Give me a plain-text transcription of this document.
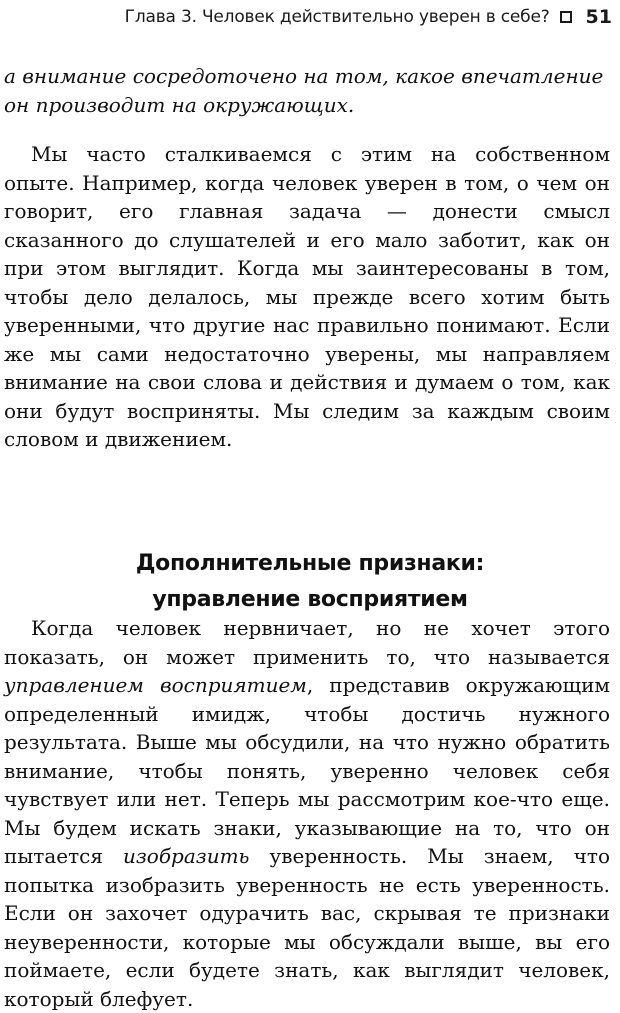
Глава 3. Человек действительно уверен в себе? 51

а внимание сосредоточено на том, какое впечатление он производит на окружающих.

Мы часто сталкиваемся с этим на собственном опыте. Например, когда человек уверен в том, о чем он говорит, его главная задача — донести смысл сказанного до слушателей и его мало заботит, как он при этом выглядит. Когда мы заинтересованы в том, чтобы дело делалось, мы прежде всего хотим быть уверенными, что другие нас правильно понимают. Если же мы сами недостаточно уверены, мы направляем внимание на свои слова и действия и думаем о том, как они будут восприняты. Мы следим за каждым своим словом и движением.

Дополнительные признаки:
управление восприятием

Когда человек нервничает, но не хочет этого показать, он может применить то, что называется управлением восприятием, представив окружающим определенный имидж, чтобы достичь нужного результата. Выше мы обсудили, на что нужно обратить внимание, чтобы понять, уверенно человек себя чувствует или нет. Теперь мы рассмотрим кое-что еще. Мы будем искать знаки, указывающие на то, что он пытается изобразить уверенность. Мы знаем, что попытка изобразить уверенность не есть уверенность. Если он захочет одурачить вас, скрывая те признаки неуверенности, которые мы обсуждали выше, вы его поймаете, если будете знать, как выглядит человек, который блефует.
